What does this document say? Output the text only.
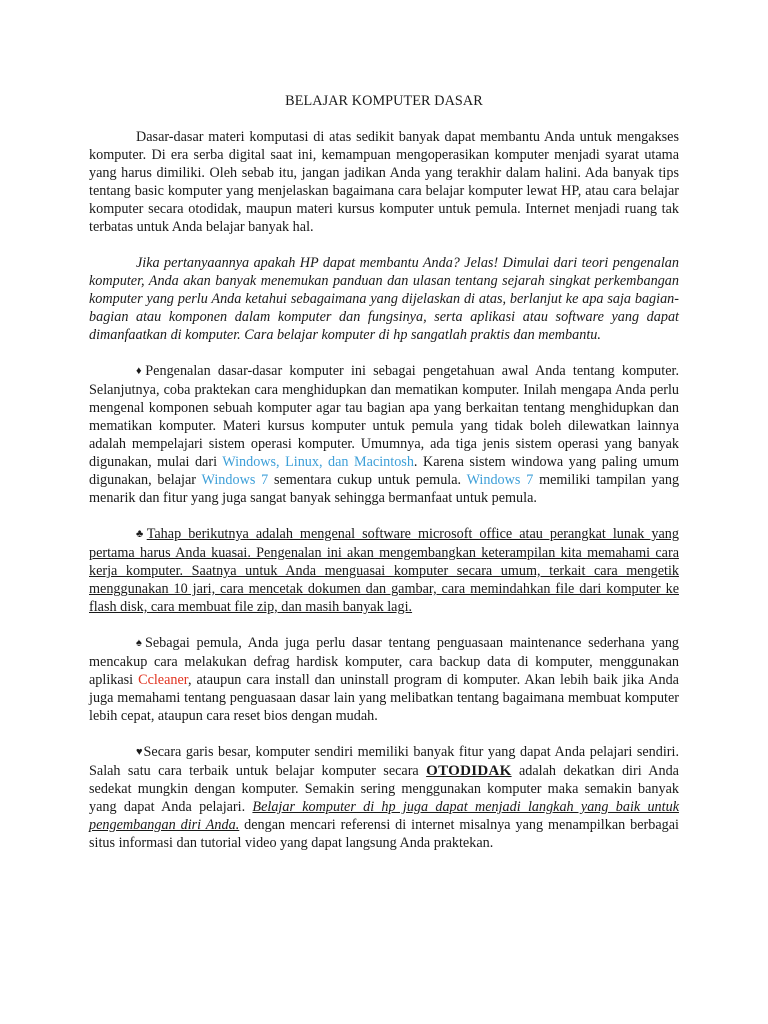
BELAJAR KOMPUTER DASAR

Dasar-dasar materi komputasi di atas sedikit banyak dapat membantu Anda untuk mengakses komputer. Di era serba digital saat ini, kemampuan mengoperasikan komputer menjadi syarat utama yang harus dimiliki. Oleh sebab itu, jangan jadikan Anda yang terakhir dalam halini. Ada banyak tips tentang basic komputer yang menjelaskan bagaimana cara belajar komputer lewat HP, atau cara belajar komputer secara otodidak, maupun materi kursus komputer untuk pemula. Internet menjadi ruang tak terbatas untuk Anda belajar banyak hal.

Jika pertanyaannya apakah HP dapat membantu Anda? Jelas! Dimulai dari teori pengenalan komputer, Anda akan banyak menemukan panduan dan ulasan tentang sejarah singkat perkembangan komputer yang perlu Anda ketahui sebagaimana yang dijelaskan di atas, berlanjut ke apa saja bagian-bagian atau komponen dalam komputer dan fungsinya, serta aplikasi atau software yang dapat dimanfaatkan di komputer. Cara belajar komputer di hp sangatlah praktis dan membantu.

♦Pengenalan dasar-dasar komputer ini sebagai pengetahuan awal Anda tentang komputer. Selanjutnya, coba praktekan cara menghidupkan dan mematikan komputer. Inilah mengapa Anda perlu mengenal komponen sebuah komputer agar tau bagian apa yang berkaitan tentang menghidupkan dan mematikan komputer. Materi kursus komputer untuk pemula yang tidak boleh dilewatkan lainnya adalah mempelajari sistem operasi komputer. Umumnya, ada tiga jenis sistem operasi yang banyak digunakan, mulai dari Windows, Linux, dan Macintosh. Karena sistem windowa yang paling umum digunakan, belajar Windows 7 sementara cukup untuk pemula. Windows 7 memiliki tampilan yang menarik dan fitur yang juga sangat banyak sehingga bermanfaat untuk pemula.

♣Tahap berikutnya adalah mengenal software microsoft office atau perangkat lunak yang pertama harus Anda kuasai. Pengenalan ini akan mengembangkan keterampilan kita memahami cara kerja komputer. Saatnya untuk Anda menguasai komputer secara umum, terkait cara mengetik menggunakan 10 jari, cara mencetak dokumen dan gambar, cara memindahkan file dari komputer ke flash disk, cara membuat file zip, dan masih banyak lagi.

♠Sebagai pemula, Anda juga perlu dasar tentang penguasaan maintenance sederhana yang mencakup cara melakukan defrag hardisk komputer, cara backup data di komputer, menggunakan aplikasi Ccleaner, ataupun cara install dan uninstall program di komputer. Akan lebih baik jika Anda juga memahami tentang penguasaan dasar lain yang melibatkan tentang bagaimana membuat komputer lebih cepat, ataupun cara reset bios dengan mudah.

♥Secara garis besar, komputer sendiri memiliki banyak fitur yang dapat Anda pelajari sendiri. Salah satu cara terbaik untuk belajar komputer secara OTODIDAK adalah dekatkan diri Anda sedekat mungkin dengan komputer. Semakin sering menggunakan komputer maka semakin banyak yang dapat Anda pelajari. Belajar komputer di hp juga dapat menjadi langkah yang baik untuk pengembangan diri Anda. dengan mencari referensi di internet misalnya yang menampilkan berbagai situs informasi dan tutorial video yang dapat langsung Anda praktekan.
